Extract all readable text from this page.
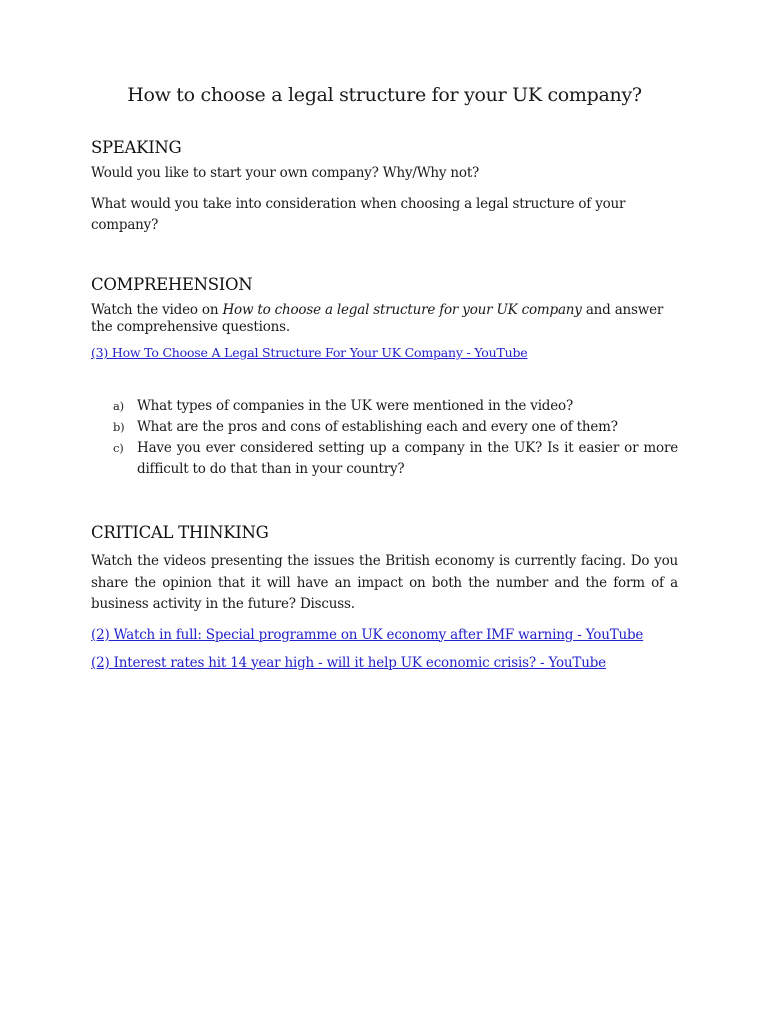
How to choose a legal structure for your UK company?
SPEAKING

Would you like to start your own company? Why/Why not?

What would you take into consideration when choosing a legal structure of your company?

COMPREHENSION

Watch the video on How to choose a legal structure for your UK company and answer the comprehensive questions.

(3) How To Choose A Legal Structure For Your UK Company - YouTube
a) What types of companies in the UK were mentioned in the video?
b) What are the pros and cons of establishing each and every one of them?
c) Have you ever considered setting up a company in the UK? Is it easier or more difficult to do that than in your country?
CRITICAL THINKING

Watch the videos presenting the issues the British economy is currently facing. Do you share the opinion that it will have an impact on both the number and the form of a business activity in the future? Discuss.

(2) Watch in full: Special programme on UK economy after IMF warning - YouTube
(2) Interest rates hit 14 year high - will it help UK economic crisis? - YouTube
